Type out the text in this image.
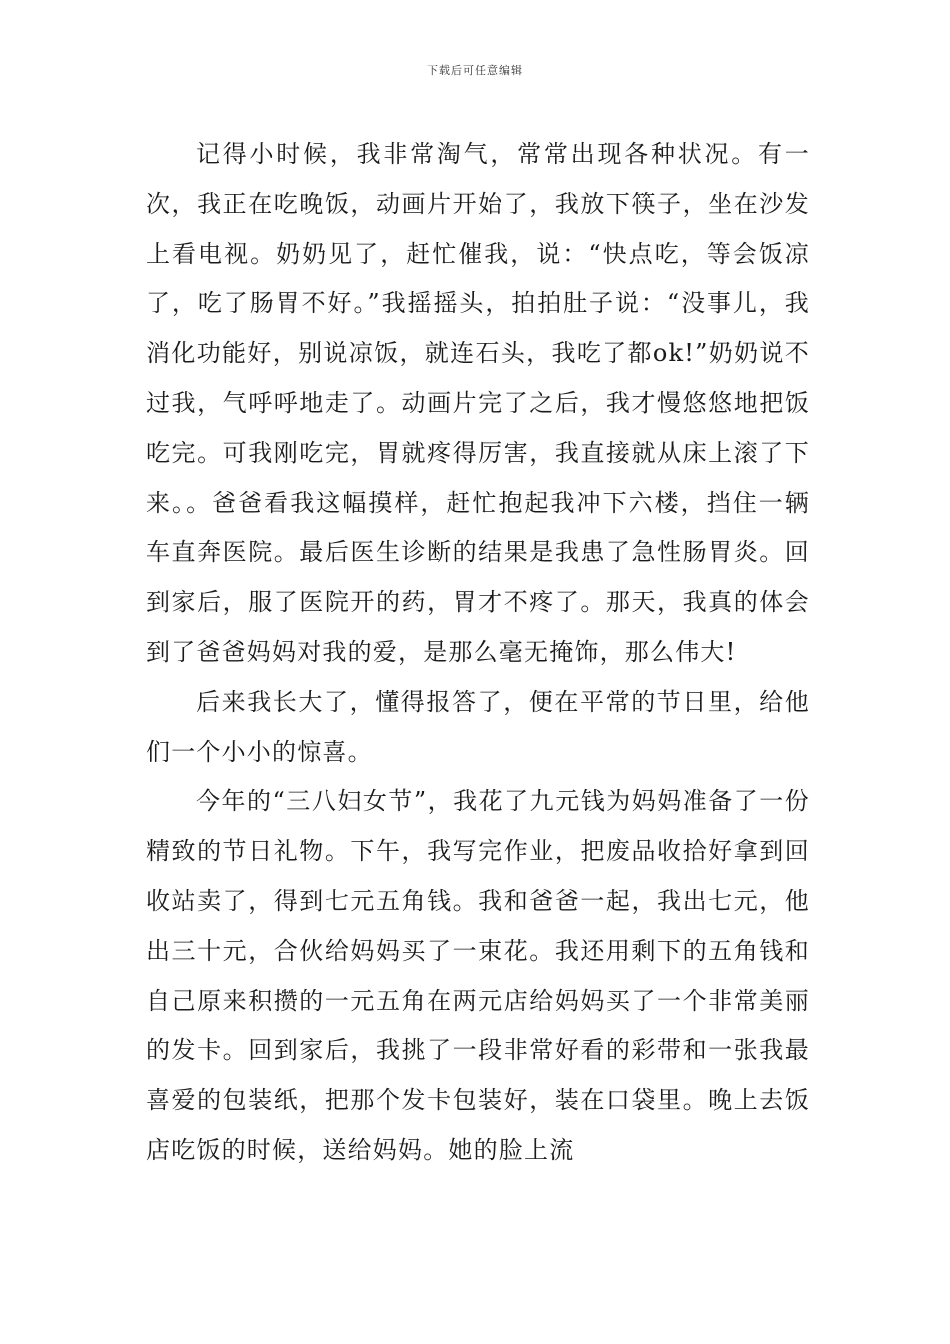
下载后可任意编辑

记得小时候，我非常淘气，常常出现各种状况。有一次，我正在吃晚饭，动画片开始了，我放下筷子，坐在沙发上看电视。奶奶见了，赶忙催我，说：“快点吃，等会饭凉了，吃了肠胃不好。”我摇摇头，拍拍肚子说：“没事儿，我消化功能好，别说凉饭，就连石头，我吃了都ok!”奶奶说不过我，气呼呼地走了。动画片完了之后，我才慢悠悠地把饭吃完。可我刚吃完，胃就疼得厉害，我直接就从床上滚了下来。。爸爸看我这幅摸样，赶忙抱起我冲下六楼，挡住一辆车直奔医院。最后医生诊断的结果是我患了急性肠胃炎。回到家后，服了医院开的药，胃才不疼了。那天，我真的体会到了爸爸妈妈对我的爱，是那么毫无掩饰，那么伟大!

后来我长大了，懂得报答了，便在平常的节日里，给他们一个小小的惊喜。

今年的“三八妇女节”，我花了九元钱为妈妈准备了一份精致的节日礼物。下午，我写完作业，把废品收拾好拿到回收站卖了，得到七元五角钱。我和爸爸一起，我出七元，他出三十元，合伙给妈妈买了一束花。我还用剩下的五角钱和自己原来积攒的一元五角在两元店给妈妈买了一个非常美丽的发卡。回到家后，我挑了一段非常好看的彩带和一张我最喜爱的包装纸，把那个发卡包装好，装在口袋里。晚上去饭店吃饭的时候，送给妈妈。她的脸上流
